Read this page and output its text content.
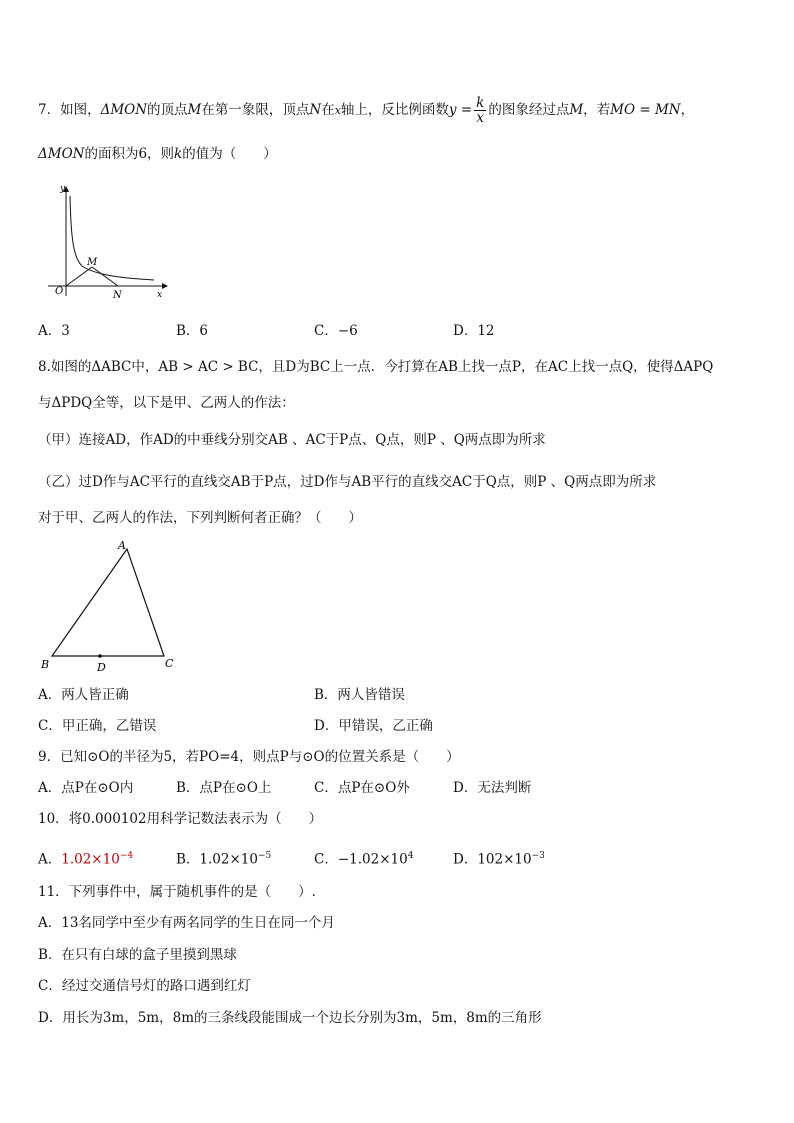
7．如图，ΔMON的顶点M在第一象限，顶点N在x轴上，反比例函数$y = \frac{k}{x}$ 的图象经过点M，若MO = MN，
ΔMON的面积为6，则k的值为（　　）
y
x
O
M
N
A．3	B．6	C．−6	D．12
8.如图的ΔABC中，AB > AC > BC，且D为BC上一点．今打算在AB上找一点P，在AC上找一点Q，使得ΔAPQ
与ΔPDQ全等，以下是甲、乙两人的作法：
（甲）连接AD，作AD的中垂线分别交AB 、AC于P点、Q点，则P 、Q两点即为所求
（乙）过D作与AC平行的直线交AB于P点，过D作与AB平行的直线交AC于Q点，则P 、Q两点即为所求
对于甲、乙两人的作法，下列判断何者正确？（　　）
A
B	C
D
A．两人皆正确	B．两人皆错误
C．甲正确，乙错误	D．甲错误，乙正确
9．已知⊙O的半径为5，若PO=4，则点P与⊙O的位置关系是（　　）
A．点P在⊙O内	B．点P在⊙O上	C．点P在⊙O外	D．无法判断
10．将0.000102用科学记数法表示为（　　）
A．$1.02\times 10^{-4}$	B．$1.02\times 10^{-5}$	C．$-1.02\times 10^4$	D．$102\times 10^{-3}$
11．下列事件中，属于随机事件的是（　　）.
A．13名同学中至少有两名同学的生日在同一个月
B．在只有白球的盒子里摸到黑球
C．经过交通信号灯的路口遇到红灯
D．用长为3m，5m，8m的三条线段能围成一个边长分别为3m，5m，8m的三角形
